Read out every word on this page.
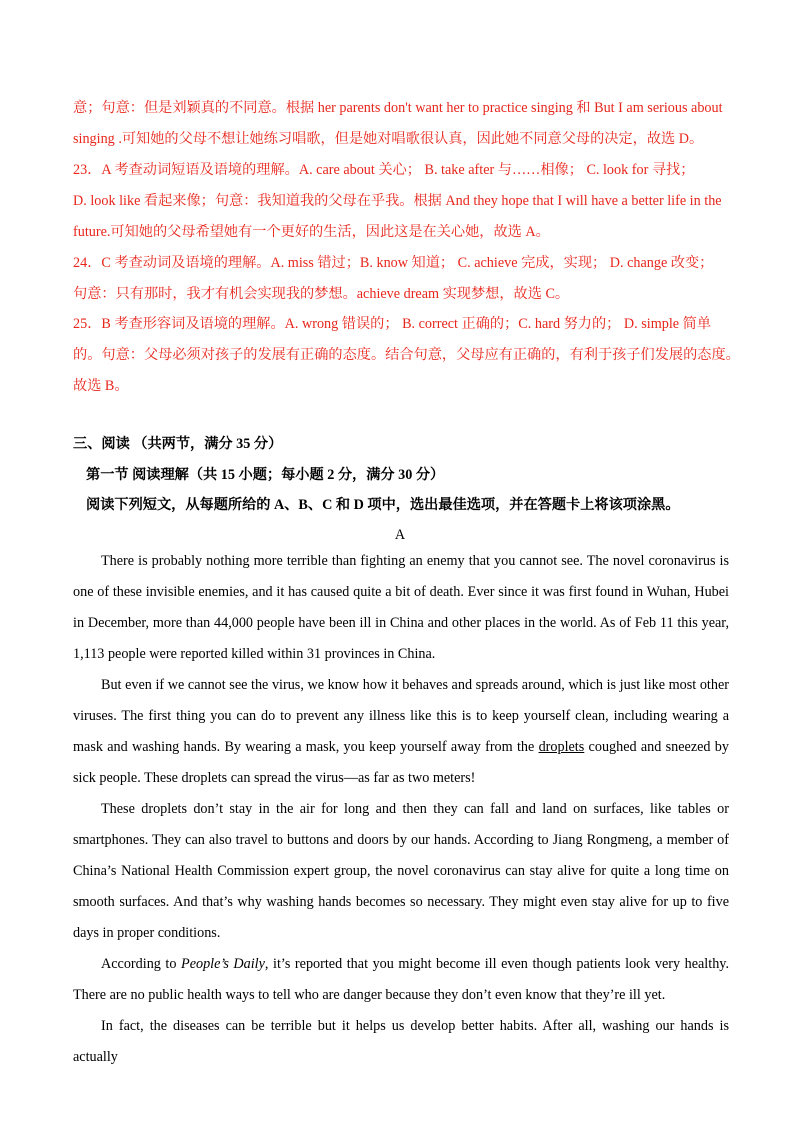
意；句意：但是刘颖真的不同意。根据 her parents don't want her to practice singing 和 But I am serious about
singing .可知她的父母不想让她练习唱歌，但是她对唱歌很认真，因此她不同意父母的决定，故选 D。
23．A 考查动词短语及语境的理解。A. care about 关心； B. take after 与……相像； C. look for 寻找；
D. look like 看起来像；句意：我知道我的父母在乎我。根据 And they hope that I will have a better life in the
future.可知她的父母希望她有一个更好的生活，因此这是在关心她，故选 A。
24．C 考查动词及语境的理解。A. miss 错过；B. know 知道； C. achieve 完成，实现； D. change 改变；
句意：只有那时，我才有机会实现我的梦想。achieve dream 实现梦想，故选 C。
25．B 考查形容词及语境的理解。A. wrong 错误的； B. correct 正确的；C. hard 努力的； D. simple 简单
的。句意：父母必须对孩子的发展有正确的态度。结合句意，父母应有正确的，有利于孩子们发展的态度。
故选 B。
三、阅读 （共两节，满分 35 分）
第一节 阅读理解（共 15 小题；每小题 2 分，满分 30 分）
阅读下列短文，从每题所给的 A、B、C 和 D 项中，选出最佳选项，并在答题卡上将该项涂黑。
A

There is probably nothing more terrible than fighting an enemy that you cannot see. The novel coronavirus is one of these invisible enemies, and it has caused quite a bit of death. Ever since it was first found in Wuhan, Hubei in December, more than 44,000 people have been ill in China and other places in the world. As of Feb 11 this year, 1,113 people were reported killed within 31 provinces in China.

But even if we cannot see the virus, we know how it behaves and spreads around, which is just like most other viruses. The first thing you can do to prevent any illness like this is to keep yourself clean, including wearing a mask and washing hands. By wearing a mask, you keep yourself away from the droplets coughed and sneezed by sick people. These droplets can spread the virus—as far as two meters!

These droplets don’t stay in the air for long and then they can fall and land on surfaces, like tables or smartphones. They can also travel to buttons and doors by our hands. According to Jiang Rongmeng, a member of China’s National Health Commission expert group, the novel coronavirus can stay alive for quite a long time on smooth surfaces. And that’s why washing hands becomes so necessary. They might even stay alive for up to five days in proper conditions.

According to People’s Daily, it’s reported that you might become ill even though patients look very healthy. There are no public health ways to tell who are danger because they don’t even know that they’re ill yet.

In fact, the diseases can be terrible but it helps us develop better habits. After all, washing our hands is actually
